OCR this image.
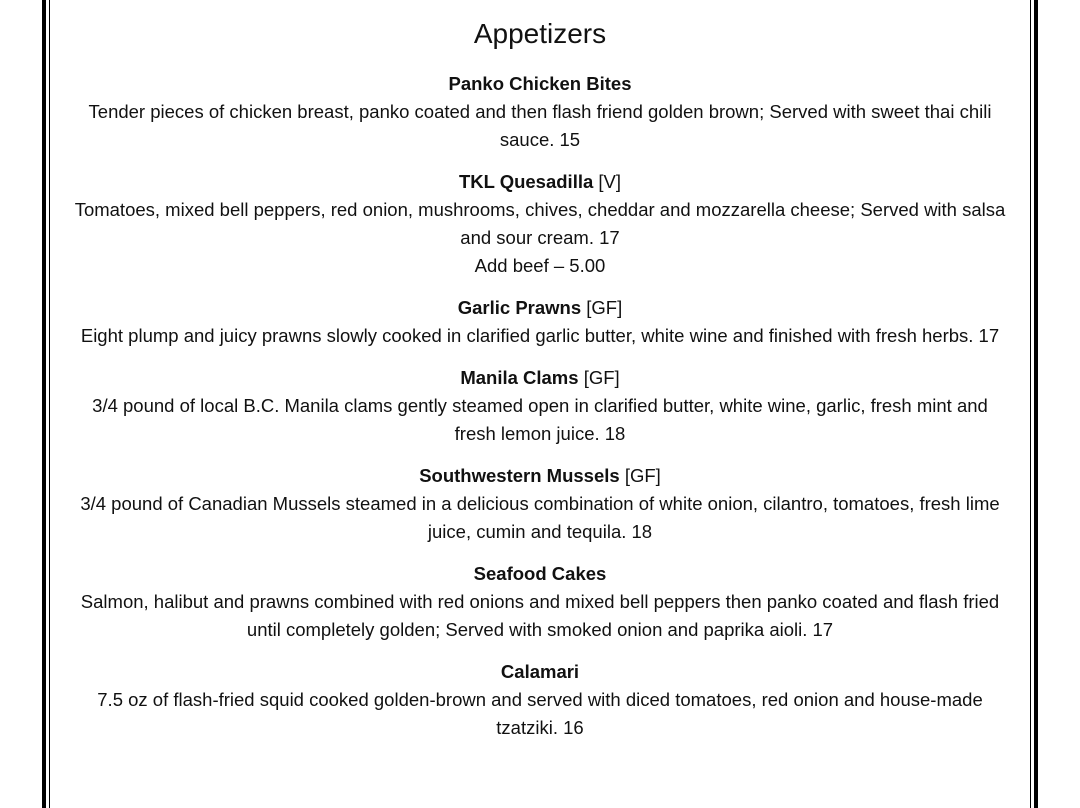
Appetizers
Panko Chicken Bites
Tender pieces of chicken breast, panko coated and then flash friend golden brown; Served with sweet thai chili sauce. 15
TKL Quesadilla [V]
Tomatoes, mixed bell peppers, red onion, mushrooms, chives, cheddar and mozzarella cheese; Served with salsa and sour cream. 17
Add beef – 5.00
Garlic Prawns [GF]
Eight plump and juicy prawns slowly cooked in clarified garlic butter, white wine and finished with fresh herbs. 17
Manila Clams [GF]
3/4 pound of local B.C. Manila clams gently steamed open in clarified butter, white wine, garlic, fresh mint and fresh lemon juice. 18
Southwestern Mussels [GF]
3/4 pound of Canadian Mussels steamed in a delicious combination of white onion, cilantro, tomatoes, fresh lime juice, cumin and tequila. 18
Seafood Cakes
Salmon, halibut and prawns combined with red onions and mixed bell peppers then panko coated and flash fried until completely golden; Served with smoked onion and paprika aioli. 17
Calamari
7.5 oz of flash-fried squid cooked golden-brown and served with diced tomatoes, red onion and house-made tzatziki. 16
